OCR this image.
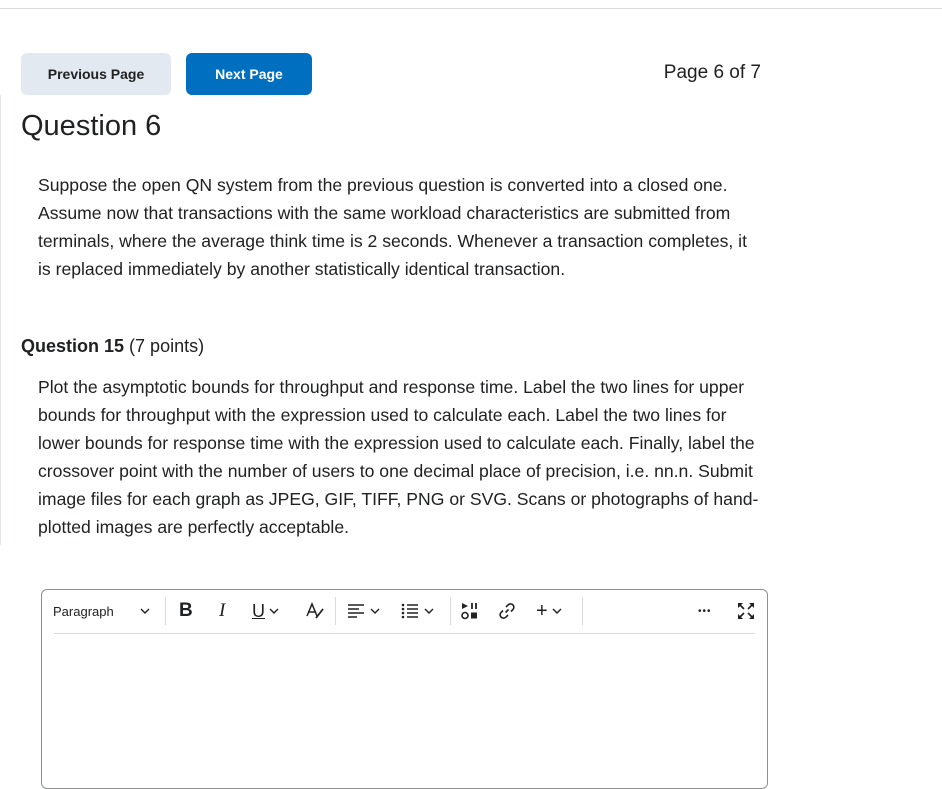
Previous Page	Next Page	Page 6 of 7
Question 6

Suppose the open QN system from the previous question is converted into a closed one. Assume now that transactions with the same workload characteristics are submitted from terminals, where the average think time is 2 seconds. Whenever a transaction completes, it is replaced immediately by another statistically identical transaction.

Question 15 (7 points)

Plot the asymptotic bounds for throughput and response time. Label the two lines for upper bounds for throughput with the expression used to calculate each. Label the two lines for lower bounds for response time with the expression used to calculate each. Finally, label the crossover point with the number of users to one decimal place of precision, i.e. nn.n. Submit image files for each graph as JPEG, GIF, TIFF, PNG or SVG. Scans or photographs of hand-plotted images are perfectly acceptable.

Paragraph	B I U	+	•••
